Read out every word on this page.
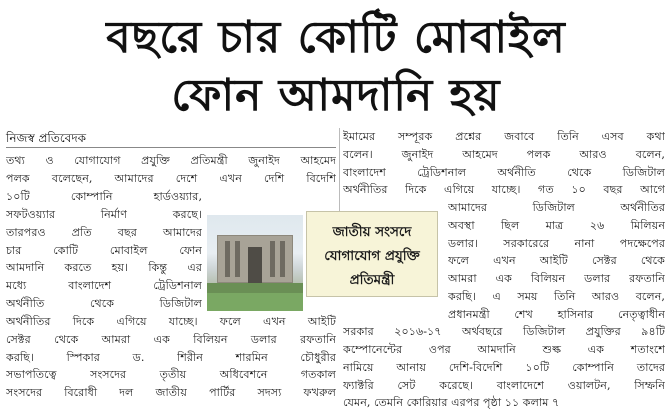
বছরে চার কোটি মোবাইল
ফোন আমদানি হয়
নিজস্ব প্রতিবেদক
তথ্য ও যোগাযোগ প্রযুক্তি প্রতিমন্ত্রী জুনাইদ আহমেদ
পলক বলেছেন, আমাদের দেশে এখন দেশি বিদেশি
১০টি কোম্পানি হার্ডওয়্যার,
সফটওয়্যার নির্মাণ করছে।
তারপরও প্রতি বছর আমাদের
চার কোটি মোবাইল ফোন
আমদানি করতে হয়। কিন্তু এর
মধ্যে বাংলাদেশ ট্রেডিশনাল
অর্থনীতি থেকে ডিজিটাল
অর্থনীতির দিকে এগিয়ে যাচ্ছে। ফলে এখন আইটি
সেক্টর থেকে আমরা এক বিলিয়ন ডলার রফতানি
করছি। স্পিকার ড. শিরীন শারমিন চৌধুরীর
সভাপতিত্বে সংসদের তৃতীয় অধিবেশনে গতকাল
সংসদের বিরোধী দল জাতীয় পার্টির সদস্য ফখরুল
জাতীয় সংসদে
যোগাযোগ প্রযুক্তি
প্রতিমন্ত্রী
ইমামের সম্পূরক প্রশ্নের জবাবে তিনি এসব কথা
বলেন। জুনাইদ আহমেদ পলক আরও বলেন,
বাংলাদেশ ট্রেডিশনাল অর্থনীতি থেকে ডিজিটাল
অর্থনীতির দিকে এগিয়ে যাচ্ছে। গত ১০ বছর আগে
আমাদের ডিজিটাল অর্থনীতির
অবস্থা ছিল মাত্র ২৬ মিলিয়ন
ডলার। সরকারেরে নানা পদক্ষেপের
ফলে এখন আইটি সেক্টর থেকে
আমরা এক বিলিয়ন ডলার রফতানি
করছি। এ সময় তিনি আরও বলেন,
প্রধানমন্ত্রী শেখ হাসিনার নেতৃত্বাধীন
সরকার ২০১৬-১৭ অর্থবছরে ডিজিটাল প্রযুক্তির ৯৪টি
কম্পোনেন্টের ওপর আমদানি শুল্ক এক শতাংশে
নামিয়ে আনায় দেশি-বিদেশি ১০টি কোম্পানি তাদের
ফ্যাক্টরি সেট করেছে। বাংলাদেশে ওয়ালটন, সিম্ফনি
যেমন, তেমনি কোরিয়ার এরপর পৃষ্ঠা ১১ কলাম ৭
